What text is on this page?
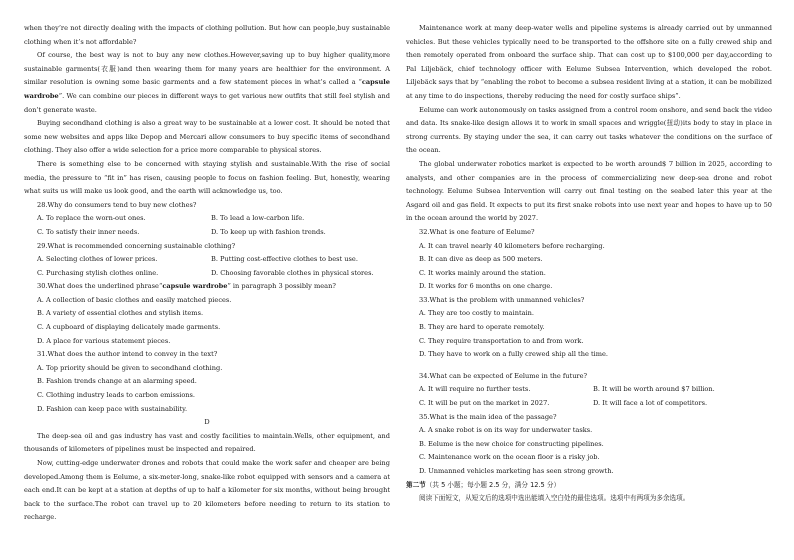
when they’re not directly dealing with the impacts of clothing pollution. But how can people,buy sustainable clothing when it’s not affordable?

Of course, the best way is not to buy any new clothes.However,saving up to buy higher quality,more sustainable garments(衣服)and then wearing them for many years are healthier for the environment. A similar resolution is owning some basic garments and a few statement pieces in what’s called a “capsule wardrobe”. We can combine our pieces in different ways to get various new outfits that still feel stylish and don’t generate waste.

Buying secondhand clothing is also a great way to be sustainable at a lower cost. It should be noted that some new websites and apps like Depop and Mercari allow consumers to buy specific items of secondhand clothing. They also offer a wide selection for a price more comparable to physical stores.

There is something else to be concerned with staying stylish and sustainable.With the rise of social media, the pressure to “fit in” has risen, causing people to focus on fashion feeling. But, honestly, wearing what suits us will make us look good, and the earth will acknowledge us, too.

28.Why do consumers tend to buy new clothes?

A. To replace the worn-out ones.	B. To lead a low-carbon life.
C. To satisfy their inner needs.	D. To keep up with fashion trends.

29.What is recommended concerning sustainable clothing?

A. Selecting clothes of lower prices.	B. Putting cost-effective clothes to best use.
C. Purchasing stylish clothes online.	D. Choosing favorable clothes in physical stores.

30.What does the underlined phrase“capsule wardrobe” in paragraph 3 possibly mean?

A. A collection of basic clothes and easily matched pieces.

B. A variety of essential clothes and stylish items.

C. A cupboard of displaying delicately made garments.

D. A place for various statement pieces.

31.What does the author intend to convey in the text?

A. Top priority should be given to secondhand clothing.

B. Fashion trends change at an alarming speed.

C. Clothing industry leads to carbon emissions.

D. Fashion can keep pace with sustainability.

D

The deep-sea oil and gas industry has vast and costly facilities to maintain.Wells, other equipment, and thousands of kilometers of pipelines must be inspected and repaired.

Now, cutting-edge underwater drones and robots that could make the work safer and cheaper are being developed.Among them is Eelume, a six-meter-long, snake-like robot equipped with sensors and a camera at each end.It can be kept at a station at depths of up to half a kilometer for six months, without being brought back to the surface.The robot can travel up to 20 kilometers before needing to return to its station to recharge.

Maintenance work at many deep-water wells and pipeline systems is already carried out by unmanned vehicles. But these vehicles typically need to be transported to the offshore site on a fully crewed ship and then remotely operated from onboard the surface ship. That can cost up to $100,000 per day,according to Pal Liljebäck, chief technology officer with Eelume Subsea Intervention, which developed the robot. Liljebäck says that by “enabling the robot to become a subsea resident living at a station, it can be mobilized at any time to do inspections, thereby reducing the need for costly surface ships”.

Eelume can work autonomously on tasks assigned from a control room onshore, and send back the video and data. Its snake-like design allows it to work in small spaces and wriggle(扭动)its body to stay in place in strong currents. By staying under the sea, it can carry out tasks whatever the conditions on the surface of the ocean.

The global underwater robotics market is expected to be worth around$ 7 billion in 2025, according to analysts, and other companies are in the process of commercializing new deep-sea drone and robot technology. Eelume Subsea Intervention will carry out final testing on the seabed later this year at the Asgard oil and gas field. It expects to put its first snake robots into use next year and hopes to have up to 50 in the ocean around the world by 2027.

32.What is one feature of Eelume?

A. It can travel nearly 40 kilometers before recharging.

B. It can dive as deep as 500 meters.

C. It works mainly around the station.

D. It works for 6 months on one charge.

33.What is the problem with unmanned vehicles?

A. They are too costly to maintain.

B. They are hard to operate remotely.

C. They require transportation to and from work.

D. They have to work on a fully crewed ship all the time.

34.What can be expected of Eelume in the future?

A. It will require no further tests.	B. It will be worth around $7 billion.
C. It will be put on the market in 2027.	D. It will face a lot of competitors.

35.What is the main idea of the passage?

A. A snake robot is on its way for underwater tasks.

B. Eelume is the new choice for constructing pipelines.

C. Maintenance work on the ocean floor is a risky job.

D. Unmanned vehicles marketing has seen strong growth.

第二节（共 5 小题；每小题 2.5 分，满分 12.5 分）

阅读下面短文，从短文后的选项中选出能填入空白处的最佳选项。选项中有两项为多余选项。
